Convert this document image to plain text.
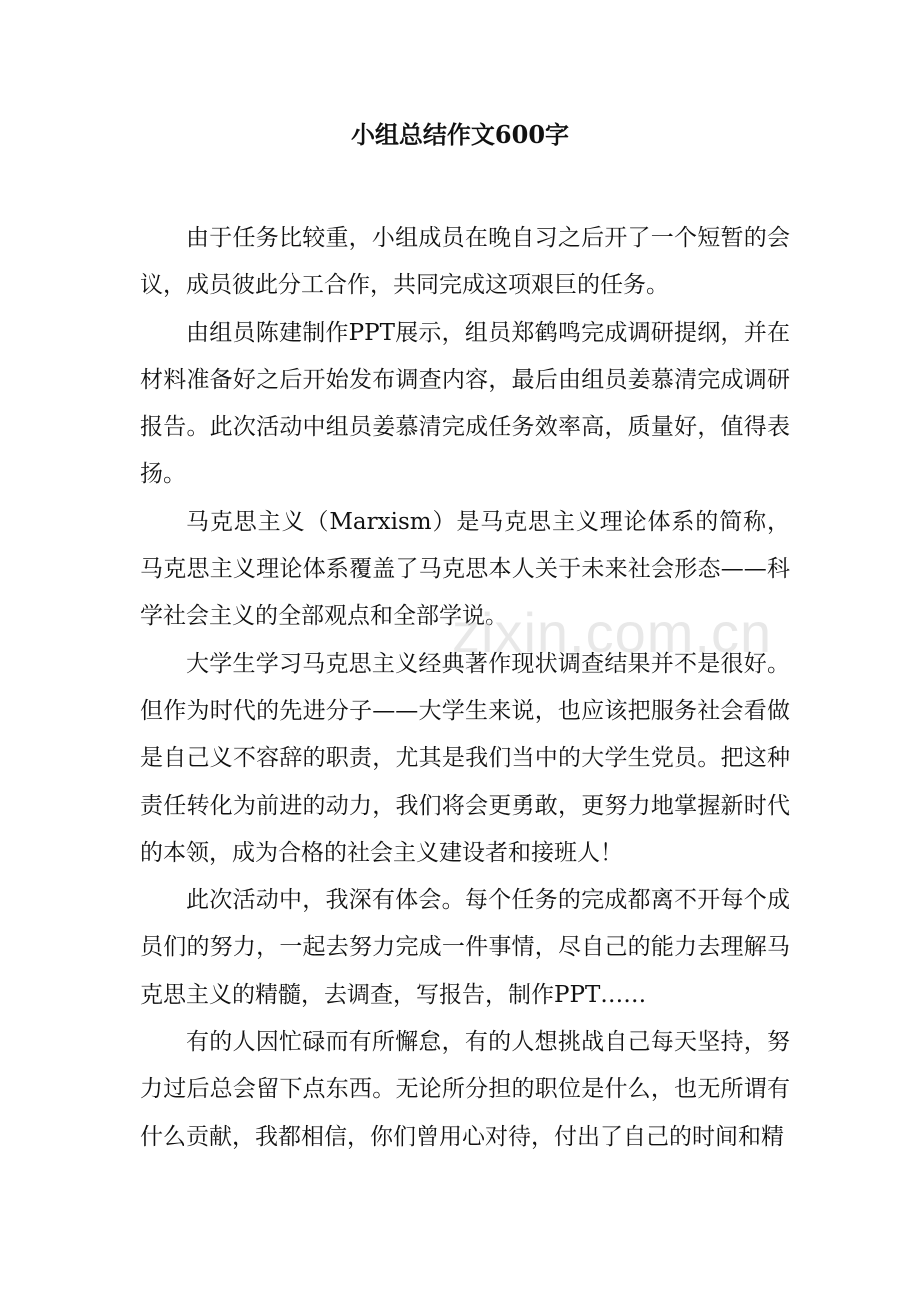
小组总结作文600字

由于任务比较重，小组成员在晚自习之后开了一个短暂的会议，成员彼此分工合作，共同完成这项艰巨的任务。

由组员陈建制作PPT展示，组员郑鹤鸣完成调研提纲，并在材料准备好之后开始发布调查内容，最后由组员姜慕清完成调研报告。此次活动中组员姜慕清完成任务效率高，质量好，值得表扬。

马克思主义（Marxism）是马克思主义理论体系的简称，马克思主义理论体系覆盖了马克思本人关于未来社会形态——科学社会主义的全部观点和全部学说。

大学生学习马克思主义经典著作现状调查结果并不是很好。但作为时代的先进分子——大学生来说，也应该把服务社会看做是自己义不容辞的职责，尤其是我们当中的大学生党员。把这种责任转化为前进的动力，我们将会更勇敢，更努力地掌握新时代的本领，成为合格的社会主义建设者和接班人！

此次活动中，我深有体会。每个任务的完成都离不开每个成员们的努力，一起去努力完成一件事情，尽自己的能力去理解马克思主义的精髓，去调查，写报告，制作PPT……

有的人因忙碌而有所懈怠，有的人想挑战自己每天坚持，努力过后总会留下点东西。无论所分担的职位是什么，也无所谓有什么贡献，我都相信，你们曾用心对待，付出了自己的时间和精

zixin.com.cn
